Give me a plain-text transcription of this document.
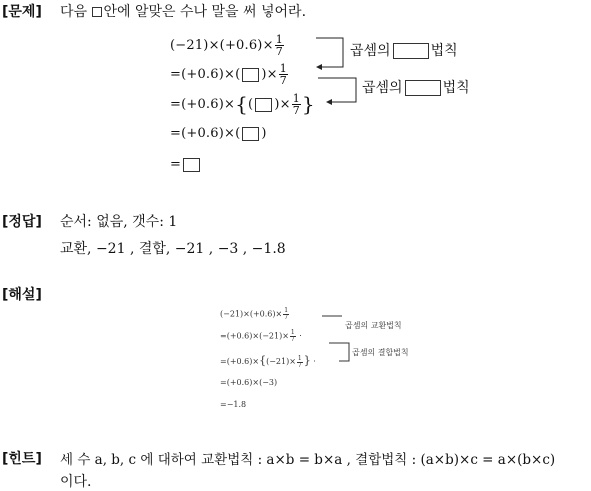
[문제] 다음 안에 알맞은 수나 말을 써 넣어라.
$(-21)\times(+0.6)\times \frac{1}{7}$
=(+0.6)×( )× $\frac{1}{7}$
=(+0.6)×{( )× $\frac{1}{7}$ }
=(+0.6)×( )
=
곱셈의	법칙
곱셈의	법칙
[정답] 순서: 없음, 갯수: 1
교환, −21 , 결합, −21 , −3 , −1.8
[해설]
$(-21)\times(+0.6)\times \frac{1}{7}$
곱셈의 교환법칙
$=(+0.6)\times(-21)\times \frac{1}{7}$ ·
$=(+0.6)\times\{(-21)\times \frac{1}{7}$ } ·
곱셈의 결합법칙
=(+0.6)×(−3)
=−1.8
[힌트] 세 수 a, b, c 에 대하여 교환법칙 : a×b = b×a , 결합법칙 : (a×b)×c = a×(b×c)
이다.
